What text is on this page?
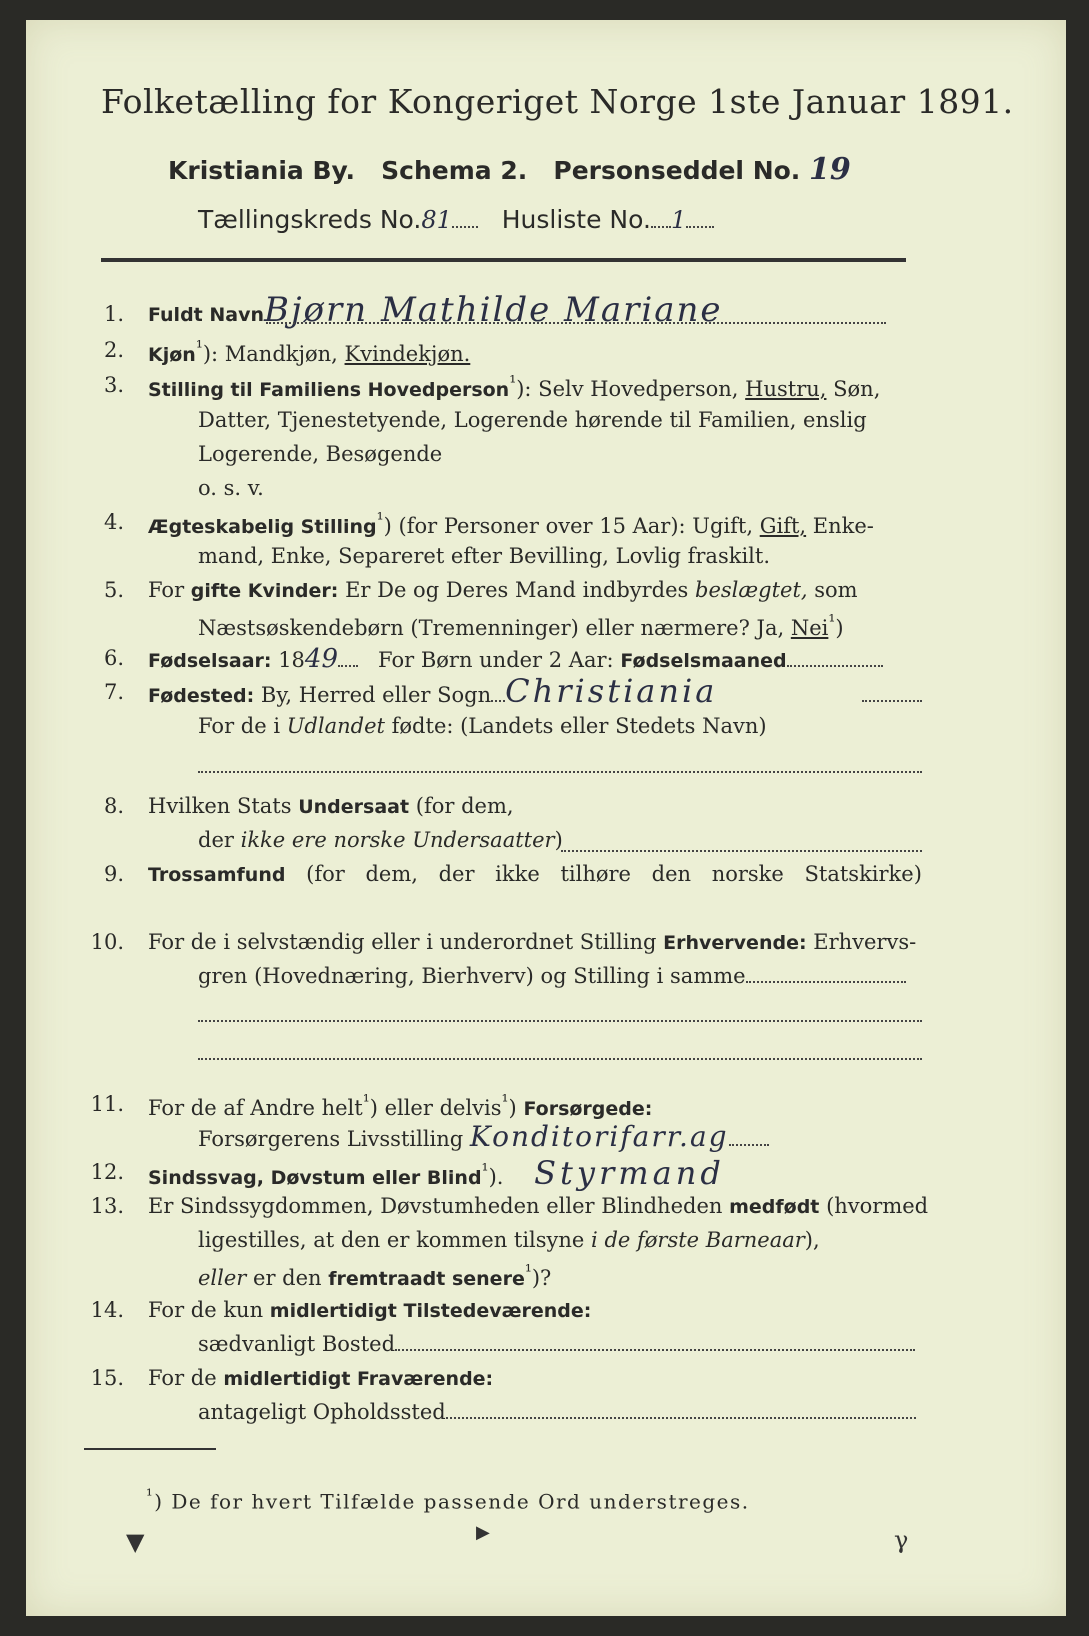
Folketælling for Kongeriget Norge 1ste Januar 1891.
Kristiania By. Schema 2. Personseddel No. 19
Tællingskreds No.81 Husliste No. 1
1. Fuldt NavnBjørn Mathilde Mariane
2. Kjøn$^{^1}$): Mandkjøn, Kvindekjøn.
3. Stilling til Familiens Hovedperson$^{^1}$): Selv Hovedperson, Hustru, Søn,
Datter, Tjenestetyende, Logerende hørende til Familien, enslig
Logerende, Besøgende
o. s. v.
4. Ægteskabelig Stilling$^{^1}$) (for Personer over 15 Aar): Ugift, Gift, Enke-
mand, Enke, Separeret efter Bevilling, Lovlig fraskilt.
5. For gifte Kvinder: Er De og Deres Mand indbyrdes beslægtet, som
Næstsøskendebørn (Tremenninger) eller nærmere? Ja, Nei$^{^1}$)
6. Fødselsaar: 1849 For Børn under 2 Aar: Fødselsmaaned
7. Fødested: By, Herred eller Sogn Christiania
For de i Udlandet fødte: (Landets eller Stedets Navn)
8. Hvilken Stats Undersaat (for dem,
der ikke ere norske Undersaatter)
9. Trossamfund (for dem, der ikke tilhøre den norske Statskirke)
10. For de i selvstændig eller i underordnet Stilling Erhvervende: Erhvervs-
gren (Hovednæring, Bierhverv) og Stilling i samme
11. For de af Andre helt$^{^1}$) eller delvis$^{^1}$) Forsørgede:
Forsørgerens Livsstilling Konditorifarr.ag
12. Sindssvag, Døvstum eller Blind$^{^1}$). Styrmand
13. Er Sindssygdommen, Døvstumheden eller Blindheden medfødt (hvormed
ligestilles, at den er kommen tilsyne i de første Barneaar),
eller er den fremtraadt senere$^{^1}$)?
14. For de kun midlertidigt Tilstedeværende:
sædvanligt Bosted
15. For de midlertidigt Fraværende:
antageligt Opholdssted
$^{^1}$) De for hvert Tilfælde passende Ord understreges.
▼	▶	γ
